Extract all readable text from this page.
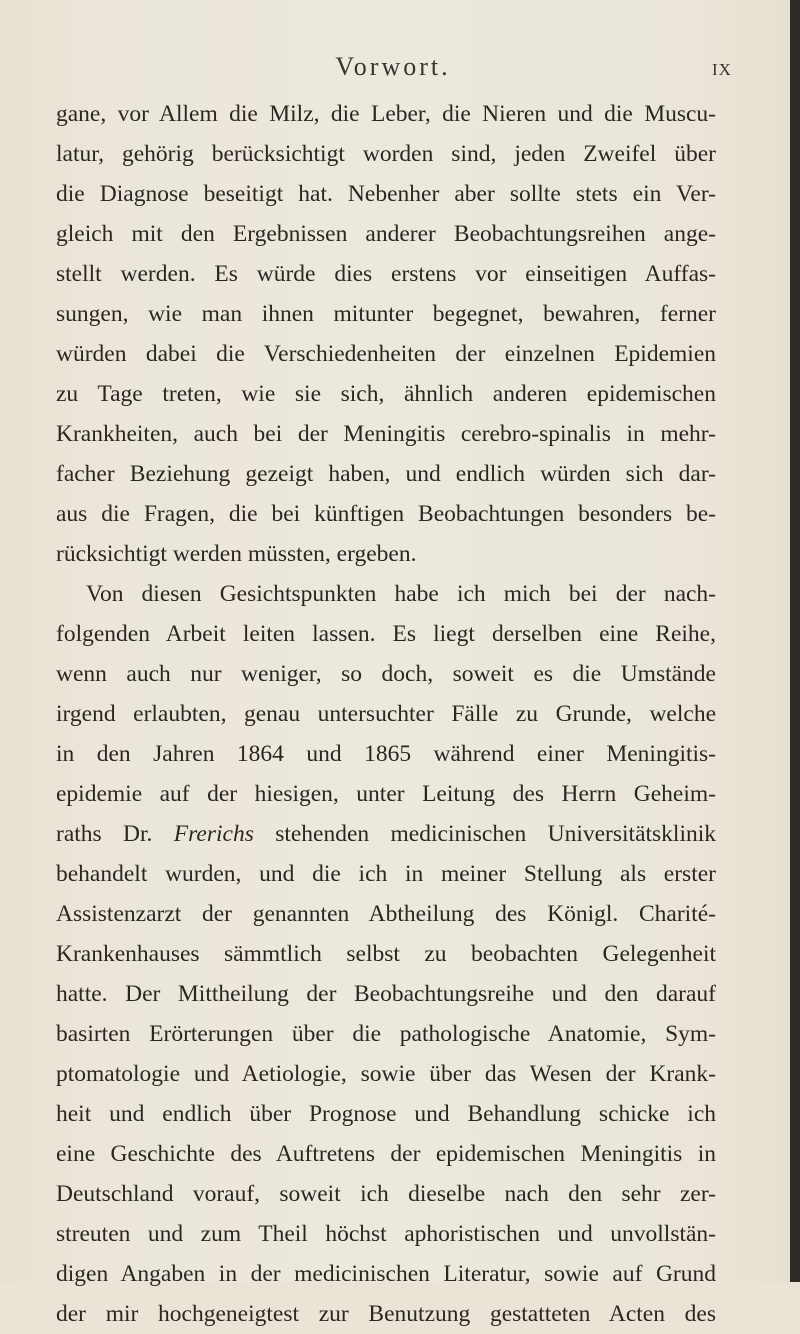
Vorwort.	IX
gane, vor Allem die Milz, die Leber, die Nieren und die Muscu-
latur, gehörig berücksichtigt worden sind, jeden Zweifel über
die Diagnose beseitigt hat. Nebenher aber sollte stets ein Ver-
gleich mit den Ergebnissen anderer Beobachtungsreihen ange-
stellt werden. Es würde dies erstens vor einseitigen Auffas-
sungen, wie man ihnen mitunter begegnet, bewahren, ferner
würden dabei die Verschiedenheiten der einzelnen Epidemien
zu Tage treten, wie sie sich, ähnlich anderen epidemischen
Krankheiten, auch bei der Meningitis cerebro-spinalis in mehr-
facher Beziehung gezeigt haben, und endlich würden sich dar-
aus die Fragen, die bei künftigen Beobachtungen besonders be-
rücksichtigt werden müssten, ergeben.
Von diesen Gesichtspunkten habe ich mich bei der nach-
folgenden Arbeit leiten lassen. Es liegt derselben eine Reihe,
wenn auch nur weniger, so doch, soweit es die Umstände
irgend erlaubten, genau untersuchter Fälle zu Grunde, welche
in den Jahren 1864 und 1865 während einer Meningitis-
epidemie auf der hiesigen, unter Leitung des Herrn Geheim-
raths Dr. Frerichs stehenden medicinischen Universitätsklinik
behandelt wurden, und die ich in meiner Stellung als erster
Assistenzarzt der genannten Abtheilung des Königl. Charité-
Krankenhauses sämmtlich selbst zu beobachten Gelegenheit
hatte. Der Mittheilung der Beobachtungsreihe und den darauf
basirten Erörterungen über die pathologische Anatomie, Sym-
ptomatologie und Aetiologie, sowie über das Wesen der Krank-
heit und endlich über Prognose und Behandlung schicke ich
eine Geschichte des Auftretens der epidemischen Meningitis in
Deutschland vorauf, soweit ich dieselbe nach den sehr zer-
streuten und zum Theil höchst aphoristischen und unvollstän-
digen Angaben in der medicinischen Literatur, sowie auf Grund
der mir hochgeneigtest zur Benutzung gestatteten Acten des
